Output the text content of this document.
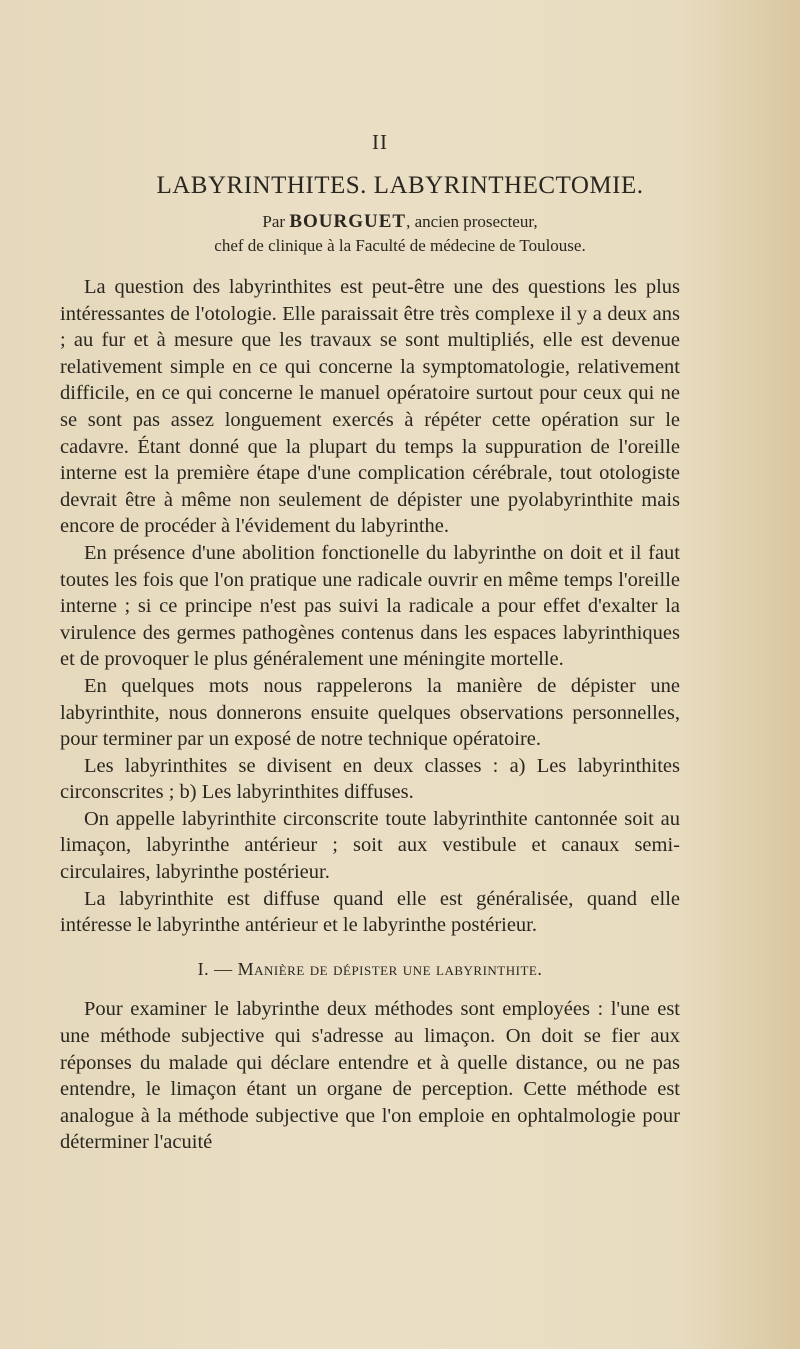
II
LABYRINTHITES. LABYRINTHECTOMIE.
Par BOURGUET, ancien prosecteur,
chef de clinique à la Faculté de médecine de Toulouse.

La question des labyrinthites est peut-être une des questions les plus intéressantes de l'otologie. Elle paraissait être très complexe il y a deux ans ; au fur et à mesure que les travaux se sont multipliés, elle est devenue relativement simple en ce qui concerne la symptomatologie, relativement difficile, en ce qui concerne le manuel opératoire surtout pour ceux qui ne se sont pas assez longuement exercés à répéter cette opération sur le cadavre. Étant donné que la plupart du temps la suppuration de l'oreille interne est la première étape d'une complication cérébrale, tout otologiste devrait être à même non seulement de dépister une pyolabyrinthite mais encore de procéder à l'évidement du labyrinthe.

En présence d'une abolition fonctionelle du labyrinthe on doit et il faut toutes les fois que l'on pratique une radicale ouvrir en même temps l'oreille interne ; si ce principe n'est pas suivi la radicale a pour effet d'exalter la virulence des germes pathogènes contenus dans les espaces labyrinthiques et de provoquer le plus généralement une méningite mortelle.

En quelques mots nous rappelerons la manière de dépister une labyrinthite, nous donnerons ensuite quelques observations personnelles, pour terminer par un exposé de notre technique opératoire.

Les labyrinthites se divisent en deux classes : a) Les labyrinthites circonscrites ; b) Les labyrinthites diffuses.

On appelle labyrinthite circonscrite toute labyrinthite cantonnée soit au limaçon, labyrinthe antérieur ; soit aux vestibule et canaux semi-circulaires, labyrinthe postérieur.

La labyrinthite est diffuse quand elle est généralisée, quand elle intéresse le labyrinthe antérieur et le labyrinthe postérieur.

I. — Manière de dépister une labyrinthite.

Pour examiner le labyrinthe deux méthodes sont employées : l'une est une méthode subjective qui s'adresse au limaçon. On doit se fier aux réponses du malade qui déclare entendre et à quelle distance, ou ne pas entendre, le limaçon étant un organe de perception. Cette méthode est analogue à la méthode subjective que l'on emploie en ophtalmologie pour déterminer l'acuité
